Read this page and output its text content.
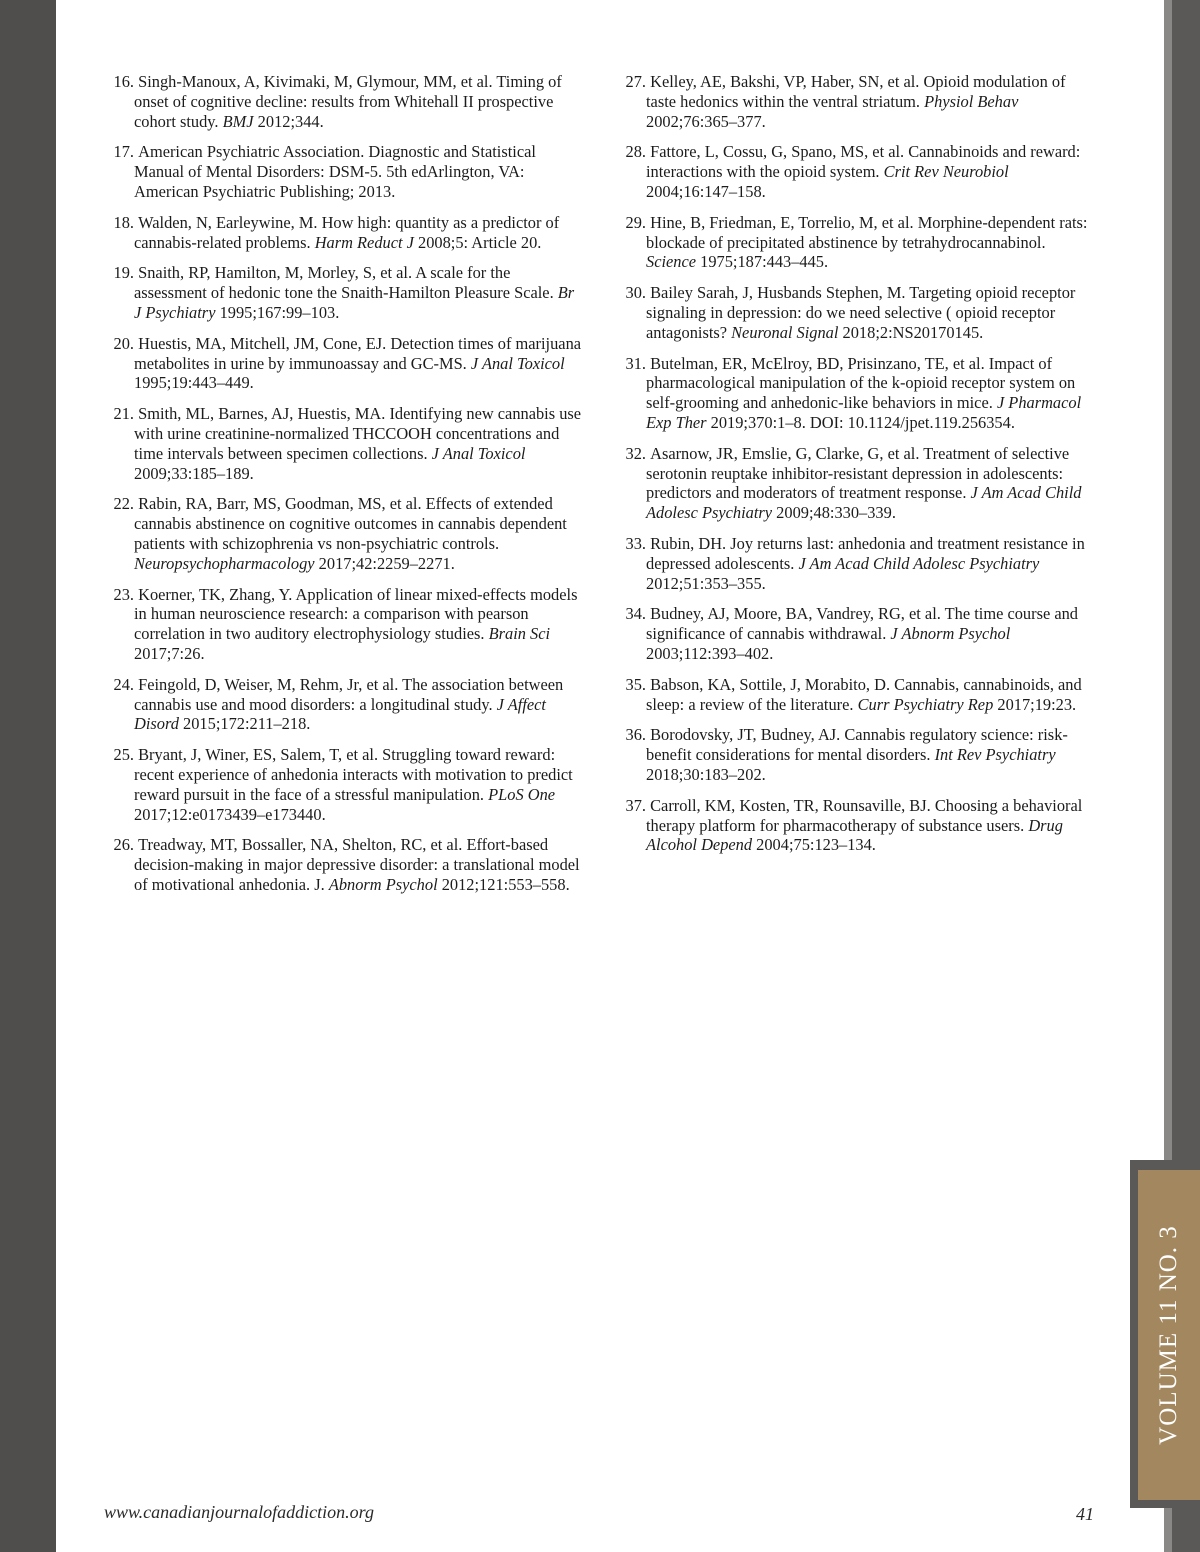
16. Singh-Manoux, A, Kivimaki, M, Glymour, MM, et al. Timing of onset of cognitive decline: results from Whitehall II prospective cohort study. BMJ 2012;344.
17. American Psychiatric Association. Diagnostic and Statistical Manual of Mental Disorders: DSM-5. 5th edArlington, VA: American Psychiatric Publishing; 2013.
18. Walden, N, Earleywine, M. How high: quantity as a predictor of cannabis-related problems. Harm Reduct J 2008;5: Article 20.
19. Snaith, RP, Hamilton, M, Morley, S, et al. A scale for the assessment of hedonic tone the Snaith-Hamilton Pleasure Scale. Br J Psychiatry 1995;167:99–103.
20. Huestis, MA, Mitchell, JM, Cone, EJ. Detection times of marijuana metabolites in urine by immunoassay and GC-MS. J Anal Toxicol 1995;19:443–449.
21. Smith, ML, Barnes, AJ, Huestis, MA. Identifying new cannabis use with urine creatinine-normalized THCCOOH concentrations and time intervals between specimen collections. J Anal Toxicol 2009;33:185–189.
22. Rabin, RA, Barr, MS, Goodman, MS, et al. Effects of extended cannabis abstinence on cognitive outcomes in cannabis dependent patients with schizophrenia vs non-psychiatric controls. Neuropsychopharmacology 2017;42:2259–2271.
23. Koerner, TK, Zhang, Y. Application of linear mixed-effects models in human neuroscience research: a comparison with pearson correlation in two auditory electrophysiology studies. Brain Sci 2017;7:26.
24. Feingold, D, Weiser, M, Rehm, Jr, et al. The association between cannabis use and mood disorders: a longitudinal study. J Affect Disord 2015;172:211–218.
25. Bryant, J, Winer, ES, Salem, T, et al. Struggling toward reward: recent experience of anhedonia interacts with motivation to predict reward pursuit in the face of a stressful manipulation. PLoS One 2017;12:e0173439–e173440.
26. Treadway, MT, Bossaller, NA, Shelton, RC, et al. Effort-based decision-making in major depressive disorder: a translational model of motivational anhedonia. J. Abnorm Psychol 2012;121:553–558.
27. Kelley, AE, Bakshi, VP, Haber, SN, et al. Opioid modulation of taste hedonics within the ventral striatum. Physiol Behav 2002;76:365–377.
28. Fattore, L, Cossu, G, Spano, MS, et al. Cannabinoids and reward: interactions with the opioid system. Crit Rev Neurobiol 2004;16:147–158.
29. Hine, B, Friedman, E, Torrelio, M, et al. Morphine-dependent rats: blockade of precipitated abstinence by tetrahydrocannabinol. Science 1975;187:443–445.
30. Bailey Sarah, J, Husbands Stephen, M. Targeting opioid receptor signaling in depression: do we need selective ( opioid receptor antagonists? Neuronal Signal 2018;2:NS20170145.
31. Butelman, ER, McElroy, BD, Prisinzano, TE, et al. Impact of pharmacological manipulation of the k-opioid receptor system on self-grooming and anhedonic-like behaviors in mice. J Pharmacol Exp Ther 2019;370:1–8. DOI: 10.1124/jpet.119.256354.
32. Asarnow, JR, Emslie, G, Clarke, G, et al. Treatment of selective serotonin reuptake inhibitor-resistant depression in adolescents: predictors and moderators of treatment response. J Am Acad Child Adolesc Psychiatry 2009;48:330–339.
33. Rubin, DH. Joy returns last: anhedonia and treatment resistance in depressed adolescents. J Am Acad Child Adolesc Psychiatry 2012;51:353–355.
34. Budney, AJ, Moore, BA, Vandrey, RG, et al. The time course and significance of cannabis withdrawal. J Abnorm Psychol 2003;112:393–402.
35. Babson, KA, Sottile, J, Morabito, D. Cannabis, cannabinoids, and sleep: a review of the literature. Curr Psychiatry Rep 2017;19:23.
36. Borodovsky, JT, Budney, AJ. Cannabis regulatory science: risk-benefit considerations for mental disorders. Int Rev Psychiatry 2018;30:183–202.
37. Carroll, KM, Kosten, TR, Rounsaville, BJ. Choosing a behavioral therapy platform for pharmacotherapy of substance users. Drug Alcohol Depend 2004;75:123–134.
VOLUME 11 NO. 3
www.canadianjournalofaddiction.org	41
